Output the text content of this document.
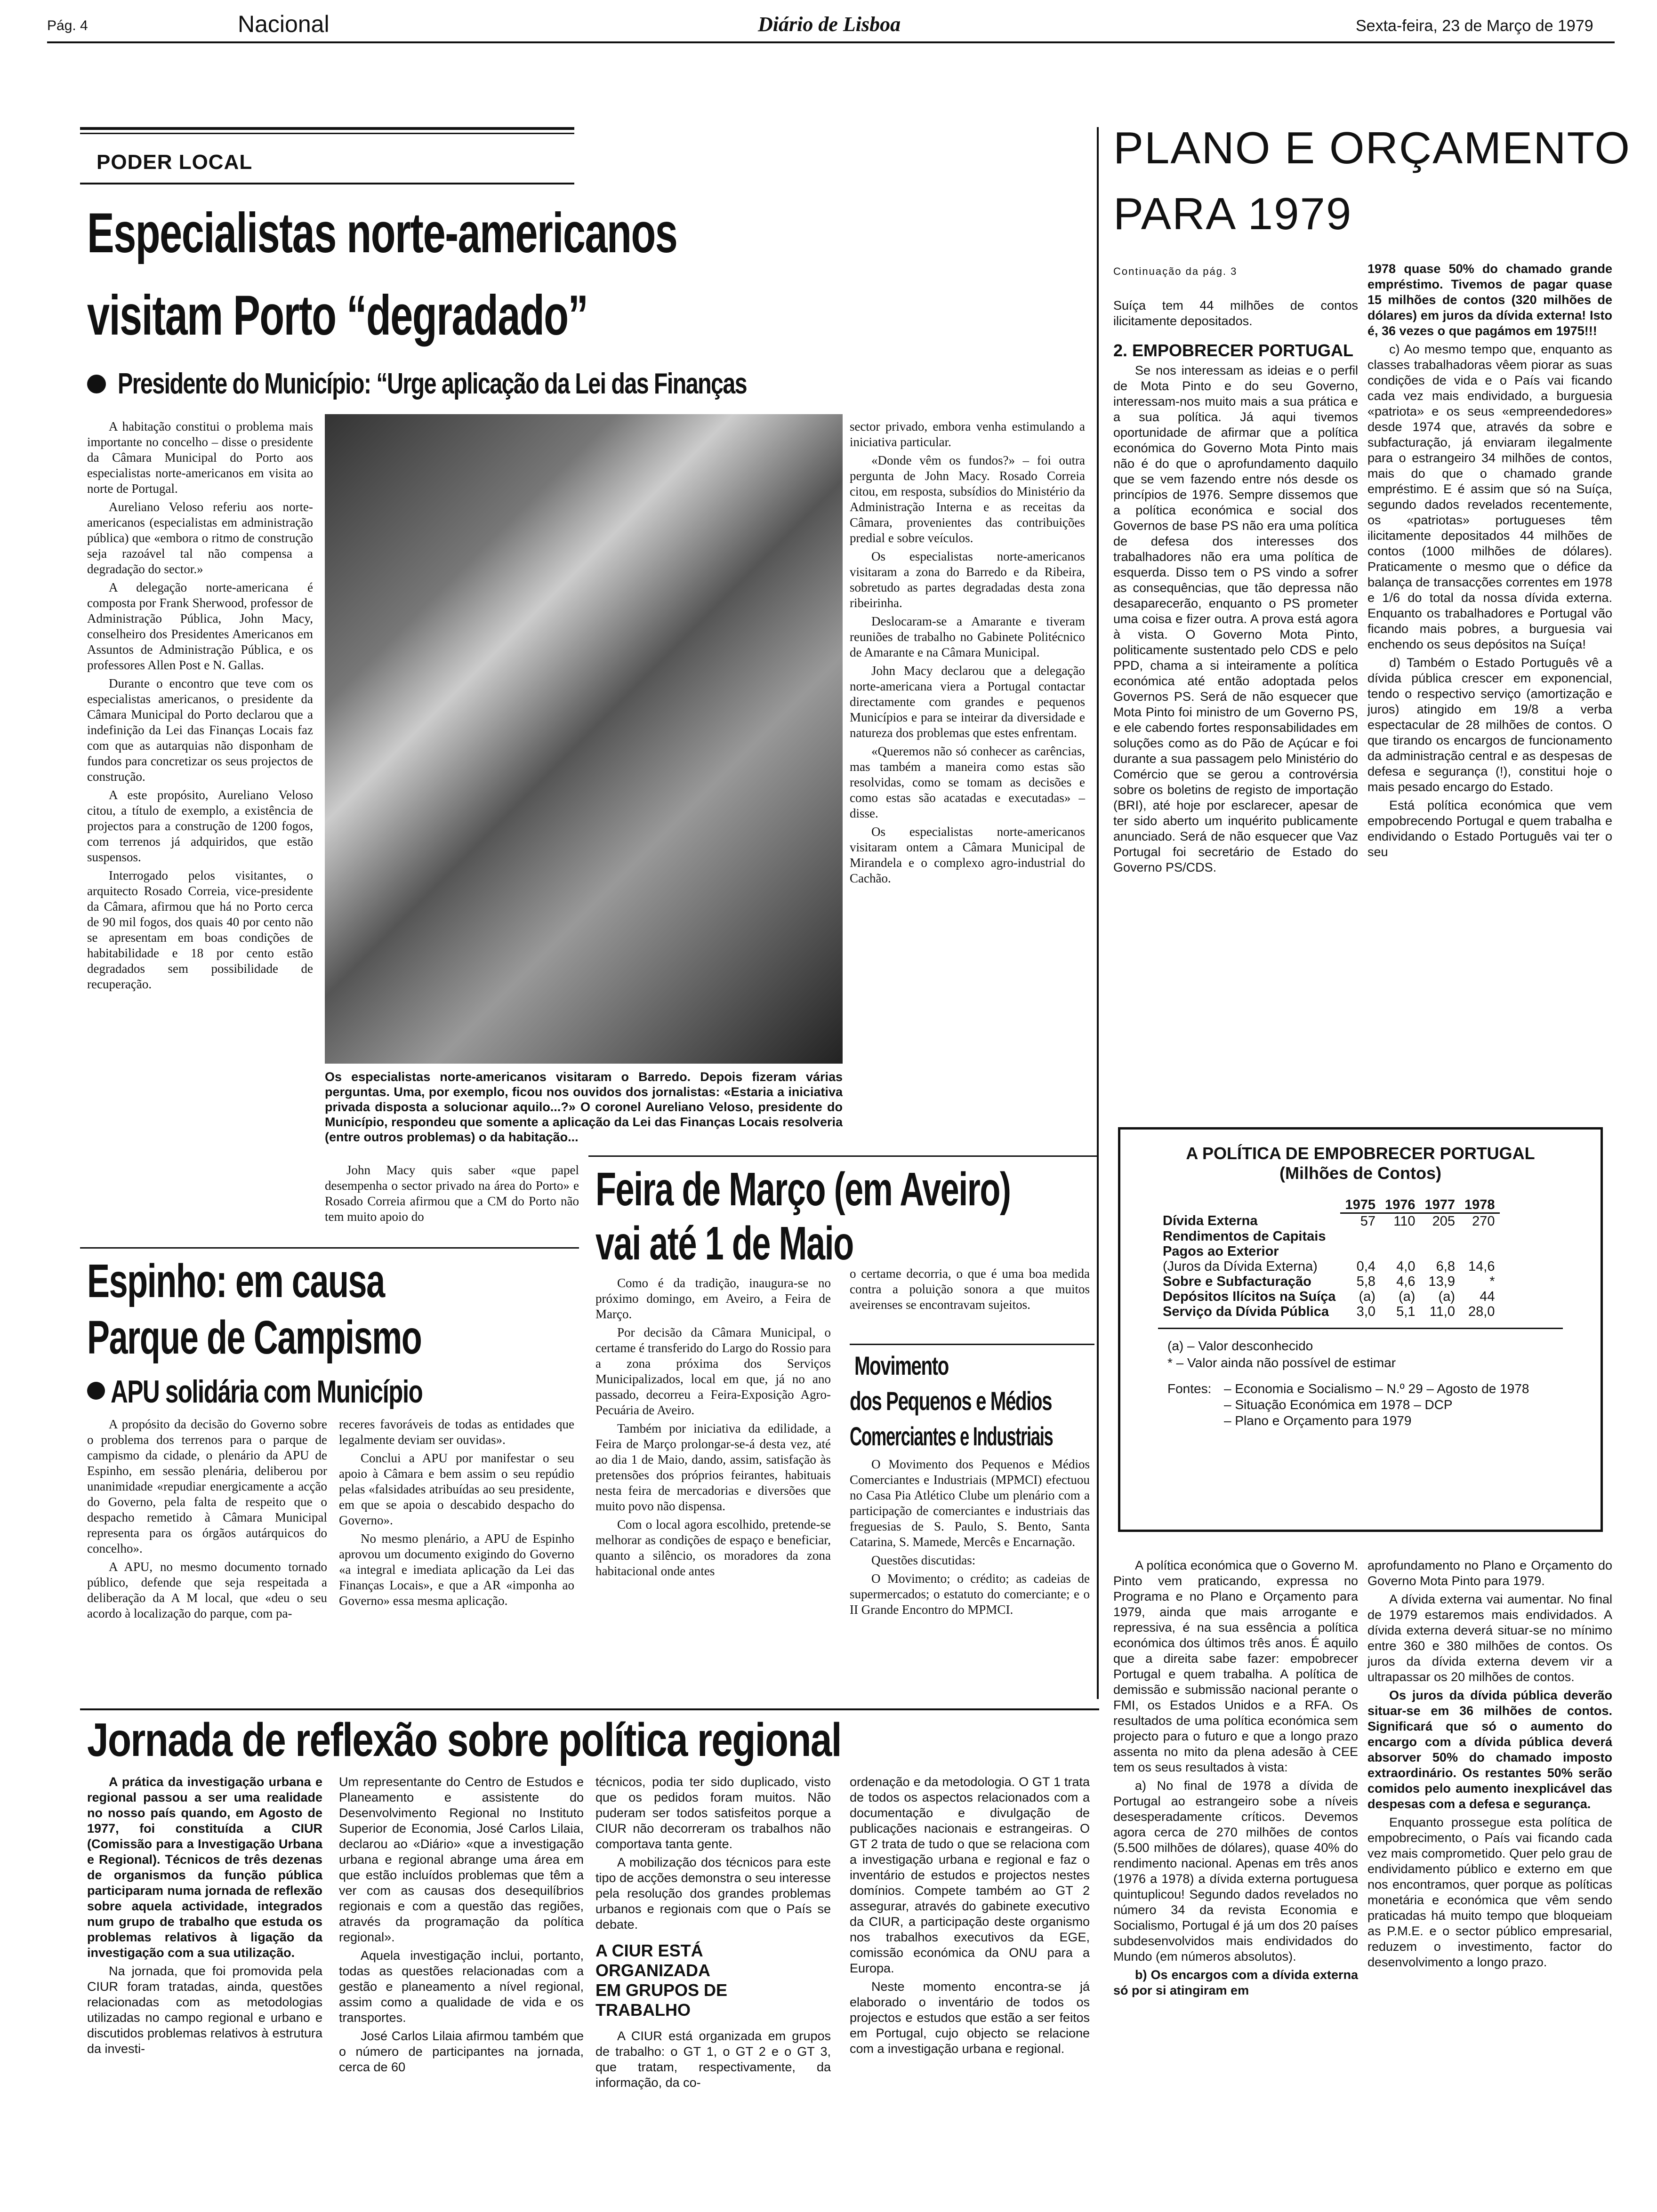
Pág. 4	Nacional	Diário de Lisboa	Sexta-feira, 23 de Março de 1979
PODER LOCAL
Especialistas norte-americanos
visitam Porto “degradado”
Presidente do Município: “Urge aplicação da Lei das Finanças

A habitação constitui o problema mais importante no concelho – disse o presidente da Câmara Municipal do Porto aos especialistas norte-americanos em visita ao norte de Portugal.

Aureliano Veloso referiu aos norte-americanos (especialistas em administração pública) que «embora o ritmo de construção seja razoável tal não compensa a degradação do sector.»

A delegação norte-americana é composta por Frank Sherwood, professor de Administração Pública, John Macy, conselheiro dos Presidentes Americanos em Assuntos de Administração Pública, e os professores Allen Post e N. Gallas.

Durante o encontro que teve com os especialistas americanos, o presidente da Câmara Municipal do Porto declarou que a indefinição da Lei das Finanças Locais faz com que as autarquias não disponham de fundos para concretizar os seus projectos de construção.

A este propósito, Aureliano Veloso citou, a título de exemplo, a existência de projectos para a construção de 1200 fogos, com terrenos já adquiridos, que estão suspensos.

Interrogado pelos visitantes, o arquitecto Rosado Correia, vice-presidente da Câmara, afirmou que há no Porto cerca de 90 mil fogos, dos quais 40 por cento não se apresentam em boas condições de habitabilidade e 18 por cento estão degradados sem possibilidade de recuperação.

Os especialistas norte-americanos visitaram o Barredo. Depois fizeram várias perguntas. Uma, por exemplo, ficou nos ouvidos dos jornalistas: «Estaria a iniciativa privada disposta a solucionar aquilo...?» O coronel Aureliano Veloso, presidente do Município, respondeu que somente a aplicação da Lei das Finanças Locais resolveria (entre outros problemas) o da habitação...

John Macy quis saber «que papel desempenha o sector privado na área do Porto» e Rosado Correia afirmou que a CM do Porto não tem muito apoio do

sector privado, embora venha estimulando a iniciativa particular.

«Donde vêm os fundos?» – foi outra pergunta de John Macy. Rosado Correia citou, em resposta, subsídios do Ministério da Administração Interna e as receitas da Câmara, provenientes das contribuições predial e sobre veículos.

Os especialistas norte-americanos visitaram a zona do Barredo e da Ribeira, sobretudo as partes degradadas desta zona ribeirinha.

Deslocaram-se a Amarante e tiveram reuniões de trabalho no Gabinete Politécnico de Amarante e na Câmara Municipal.

John Macy declarou que a delegação norte-americana viera a Portugal contactar directamente com grandes e pequenos Municípios e para se inteirar da diversidade e natureza dos problemas que estes enfrentam.

«Queremos não só conhecer as carências, mas também a maneira como estas são resolvidas, como se tomam as decisões e como estas são acatadas e executadas» – disse.

Os especialistas norte-americanos visitaram ontem a Câmara Municipal de Mirandela e o complexo agro-industrial do Cachão.

Espinho: em causa
Parque de Campismo
APU solidária com Município

A propósito da decisão do Governo sobre o problema dos terrenos para o parque de campismo da cidade, o plenário da APU de Espinho, em sessão plenária, deliberou por unanimidade «repudiar energicamente a acção do Governo, pela falta de respeito que o despacho remetido à Câmara Municipal representa para os órgãos autárquicos do concelho».

A APU, no mesmo documento tornado público, defende que seja respeitada a deliberação da A M local, que «deu o seu acordo à localização do parque, com pa-

receres favoráveis de todas as entidades que legalmente deviam ser ouvidas».

Conclui a APU por manifestar o seu apoio à Câmara e bem assim o seu repúdio pelas «falsidades atribuídas ao seu presidente, em que se apoia o descabido despacho do Governo».

No mesmo plenário, a APU de Espinho aprovou um documento exigindo do Governo «a integral e imediata aplicação da Lei das Finanças Locais», e que a AR «imponha ao Governo» essa mesma aplicação.

Feira de Março (em Aveiro)
vai até 1 de Maio

Como é da tradição, inaugura-se no próximo domingo, em Aveiro, a Feira de Março.

Por decisão da Câmara Municipal, o certame é transferido do Largo do Rossio para a zona próxima dos Serviços Municipalizados, local em que, já no ano passado, decorreu a Feira-Exposição Agro-Pecuária de Aveiro.

Também por iniciativa da edilidade, a Feira de Março prolongar-se-á desta vez, até ao dia 1 de Maio, dando, assim, satisfação às pretensões dos próprios feirantes, habituais nesta feira de mercadorias e diversões que muito povo não dispensa.

Com o local agora escolhido, pretende-se melhorar as condições de espaço e beneficiar, quanto a silêncio, os moradores da zona habitacional onde antes

o certame decorria, o que é uma boa medida contra a poluição sonora a que muitos aveirenses se encontravam sujeitos.

Movimento
dos Pequenos e Médios
Comerciantes e Industriais

O Movimento dos Pequenos e Médios Comerciantes e Industriais (MPMCI) efectuou no Casa Pia Atlético Clube um plenário com a participação de comerciantes e industriais das freguesias de S. Paulo, S. Bento, Santa Catarina, S. Mamede, Mercês e Encarnação.

Questões discutidas:

O Movimento; o crédito; as cadeias de supermercados; o estatuto do comerciante; e o II Grande Encontro do MPMCI.

PLANO E ORÇAMENTO
PARA 1979

Continuação da pág. 3

Suíça tem 44 milhões de contos ilicitamente depositados.

2. EMPOBRECER PORTUGAL

Se nos interessam as ideias e o perfil de Mota Pinto e do seu Governo, interessam-nos muito mais a sua prática e a sua política. Já aqui tivemos oportunidade de afirmar que a política económica do Governo Mota Pinto mais não é do que o aprofundamento daquilo que se vem fazendo entre nós desde os princípios de 1976. Sempre dissemos que a política económica e social dos Governos de base PS não era uma política de defesa dos interesses dos trabalhadores não era uma política de esquerda. Disso tem o PS vindo a sofrer as consequências, que tão depressa não desaparecerão, enquanto o PS prometer uma coisa e fizer outra. A prova está agora à vista. O Governo Mota Pinto, politicamente sustentado pelo CDS e pelo PPD, chama a si inteiramente a política económica até então adoptada pelos Governos PS. Será de não esquecer que Mota Pinto foi ministro de um Governo PS, e ele cabendo fortes responsabilidades em soluções como as do Pão de Açúcar e foi durante a sua passagem pelo Ministério do Comércio que se gerou a controvérsia sobre os boletins de registo de importação (BRI), até hoje por esclarecer, apesar de ter sido aberto um inquérito publicamente anunciado. Será de não esquecer que Vaz Portugal foi secretário de Estado do Governo PS/CDS.

1978 quase 50% do chamado grande empréstimo. Tivemos de pagar quase 15 milhões de contos (320 milhões de dólares) em juros da dívida externa! Isto é, 36 vezes o que pagámos em 1975!!!

c) Ao mesmo tempo que, enquanto as classes trabalhadoras vêem piorar as suas condições de vida e o País vai ficando cada vez mais endividado, a burguesia «patriota» e os seus «empreendedores» desde 1974 que, através da sobre e subfacturação, já enviaram ilegalmente para o estrangeiro 34 milhões de contos, mais do que o chamado grande empréstimo. E é assim que só na Suíça, segundo dados revelados recentemente, os «patriotas» portugueses têm ilicitamente depositados 44 milhões de contos (1000 milhões de dólares). Praticamente o mesmo que o défice da balança de transacções correntes em 1978 e 1/6 do total da nossa dívida externa. Enquanto os trabalhadores e Portugal vão ficando mais pobres, a burguesia vai enchendo os seus depósitos na Suíça!

d) Também o Estado Português vê a dívida pública crescer em exponencial, tendo o respectivo serviço (amortização e juros) atingido em 19/8 a verba espectacular de 28 milhões de contos. O que tirando os encargos de funcionamento da administração central e as despesas de defesa e segurança (!), constitui hoje o mais pesado encargo do Estado.

Está política económica que vem empobrecendo Portugal e quem trabalha e endividando o Estado Português vai ter o seu

A POLÍTICA DE EMPOBRECER PORTUGAL
(Milhões de Contos)
	1975	1976	1977	1978
Dívida Externa	57	110	205	270
Rendimentos de Capitais				
Pagos ao Exterior				
(Juros da Dívida Externa)	0,4	4,0	6,8	14,6
Sobre e Subfacturação	5,8	4,6	13,9	*
Depósitos Ilícitos na Suíça	(a)	(a)	(a)	44
Serviço da Dívida Pública	3,0	5,1	11,0	28,0
(a) – Valor desconhecido
* – Valor ainda não possível de estimar
Fontes: – Economia e Socialismo – N.º 29 – Agosto de 1978
– Situação Económica em 1978 – DCP
– Plano e Orçamento para 1979

A política económica que o Governo M. Pinto vem praticando, expressa no Programa e no Plano e Orçamento para 1979, ainda que mais arrogante e repressiva, é na sua essência a política económica dos últimos três anos. É aquilo que a direita sabe fazer: empobrecer Portugal e quem trabalha. A política de demissão e submissão nacional perante o FMI, os Estados Unidos e a RFA. Os resultados de uma política económica sem projecto para o futuro e que a longo prazo assenta no mito da plena adesão à CEE tem os seus resultados à vista:

a) No final de 1978 a dívida de Portugal ao estrangeiro sobe a níveis desesperadamente críticos. Devemos agora cerca de 270 milhões de contos (5.500 milhões de dólares), quase 40% do rendimento nacional. Apenas em três anos (1976 a 1978) a dívida externa portuguesa quintuplicou! Segundo dados revelados no número 34 da revista Economia e Socialismo, Portugal é já um dos 20 países subdesenvolvidos mais endividados do Mundo (em números absolutos).

b) Os encargos com a dívida externa só por si atingiram em

aprofundamento no Plano e Orçamento do Governo Mota Pinto para 1979.

A dívida externa vai aumentar. No final de 1979 estaremos mais endividados. A dívida externa deverá situar-se no mínimo entre 360 e 380 milhões de contos. Os juros da dívida externa devem vir a ultrapassar os 20 milhões de contos.

Os juros da dívida pública deverão situar-se em 36 milhões de contos. Significará que só o aumento do encargo com a dívida pública deverá absorver 50% do chamado imposto extraordinário. Os restantes 50% serão comidos pelo aumento inexplicável das despesas com a defesa e segurança.

Enquanto prossegue esta política de empobrecimento, o País vai ficando cada vez mais comprometido. Quer pelo grau de endividamento público e externo em que nos encontramos, quer porque as políticas monetária e económica que vêm sendo praticadas há muito tempo que bloqueiam as P.M.E. e o sector público empresarial, reduzem o investimento, factor do desenvolvimento a longo prazo.

Jornada de reflexão sobre política regional

A prática da investigação urbana e regional passou a ser uma realidade no nosso país quando, em Agosto de 1977, foi constituída a CIUR (Comissão para a Investigação Urbana e Regional). Técnicos de três dezenas de organismos da função pública participaram numa jornada de reflexão sobre aquela actividade, integrados num grupo de trabalho que estuda os problemas relativos à ligação da investigação com a sua utilização.

Na jornada, que foi promovida pela CIUR foram tratadas, ainda, questões relacionadas com as metodologias utilizadas no campo regional e urbano e discutidos problemas relativos à estrutura da investi-

Um representante do Centro de Estudos e Planeamento e assistente do Desenvolvimento Regional no Instituto Superior de Economia, José Carlos Lilaia, declarou ao «Diário» «que a investigação urbana e regional abrange uma área em que estão incluídos problemas que têm a ver com as causas dos desequilíbrios regionais e com a questão das regiões, através da programação da política regional».

Aquela investigação inclui, portanto, todas as questões relacionadas com a gestão e planeamento a nível regional, assim como a qualidade de vida e os transportes.

José Carlos Lilaia afirmou também que o número de participantes na jornada, cerca de 60

técnicos, podia ter sido duplicado, visto que os pedidos foram muitos. Não puderam ser todos satisfeitos porque a CIUR não decorreram os trabalhos não comportava tanta gente.

A mobilização dos técnicos para este tipo de acções demonstra o seu interesse pela resolução dos grandes problemas urbanos e regionais com que o País se debate.

A CIUR ESTÁ ORGANIZADA EM GRUPOS DE TRABALHO

A CIUR está organizada em grupos de trabalho: o GT 1, o GT 2 e o GT 3, que tratam, respectivamente, da informação, da co-

ordenação e da metodologia. O GT 1 trata de todos os aspectos relacionados com a documentação e divulgação de publicações nacionais e estrangeiras. O GT 2 trata de tudo o que se relaciona com a investigação urbana e regional e faz o inventário de estudos e projectos nestes domínios. Compete também ao GT 2 assegurar, através do gabinete executivo da CIUR, a participação deste organismo nos trabalhos executivos da EGE, comissão económica da ONU para a Europa.

Neste momento encontra-se já elaborado o inventário de todos os projectos e estudos que estão a ser feitos em Portugal, cujo objecto se relacione com a investigação urbana e regional.
